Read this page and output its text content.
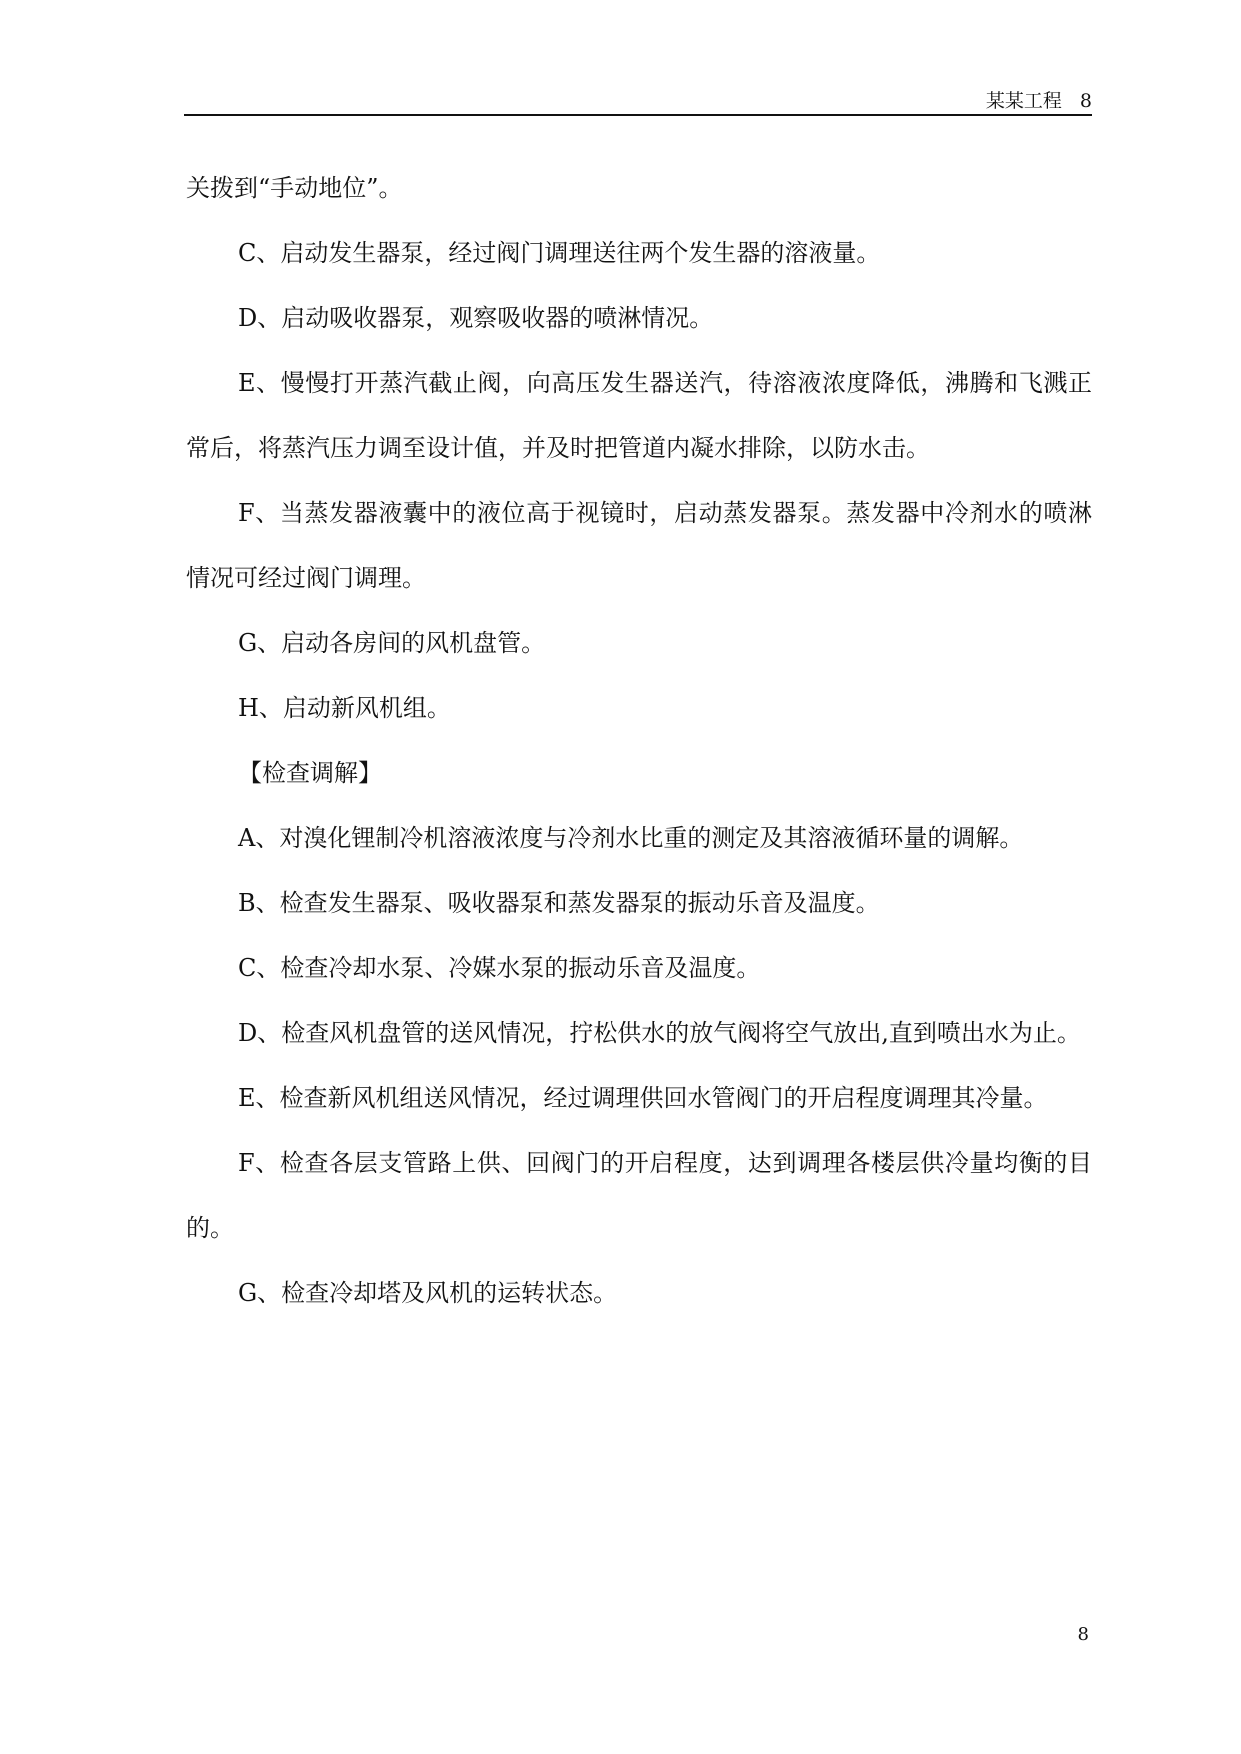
某某工程 8

关拨到“手动地位”。

C、启动发生器泵，经过阀门调理送往两个发生器的溶液量。

D、启动吸收器泵，观察吸收器的喷淋情况。

E、慢慢打开蒸汽截止阀，向高压发生器送汽，待溶液浓度降低，沸腾和飞溅正常后，将蒸汽压力调至设计值，并及时把管道内凝水排除，以防水击。

F、当蒸发器液囊中的液位高于视镜时，启动蒸发器泵。蒸发器中冷剂水的喷淋情况可经过阀门调理。

G、启动各房间的风机盘管。

H、启动新风机组。

【检查调解】

A、对溴化锂制冷机溶液浓度与冷剂水比重的测定及其溶液循环量的调解。

B、检查发生器泵、吸收器泵和蒸发器泵的振动乐音及温度。

C、检查冷却水泵、冷媒水泵的振动乐音及温度。

D、检查风机盘管的送风情况，拧松供水的放气阀将空气放出,直到喷出水为止。

E、检查新风机组送风情况，经过调理供回水管阀门的开启程度调理其冷量。

F、检查各层支管路上供、回阀门的开启程度，达到调理各楼层供冷量均衡的目的。

G、检查冷却塔及风机的运转状态。

8
